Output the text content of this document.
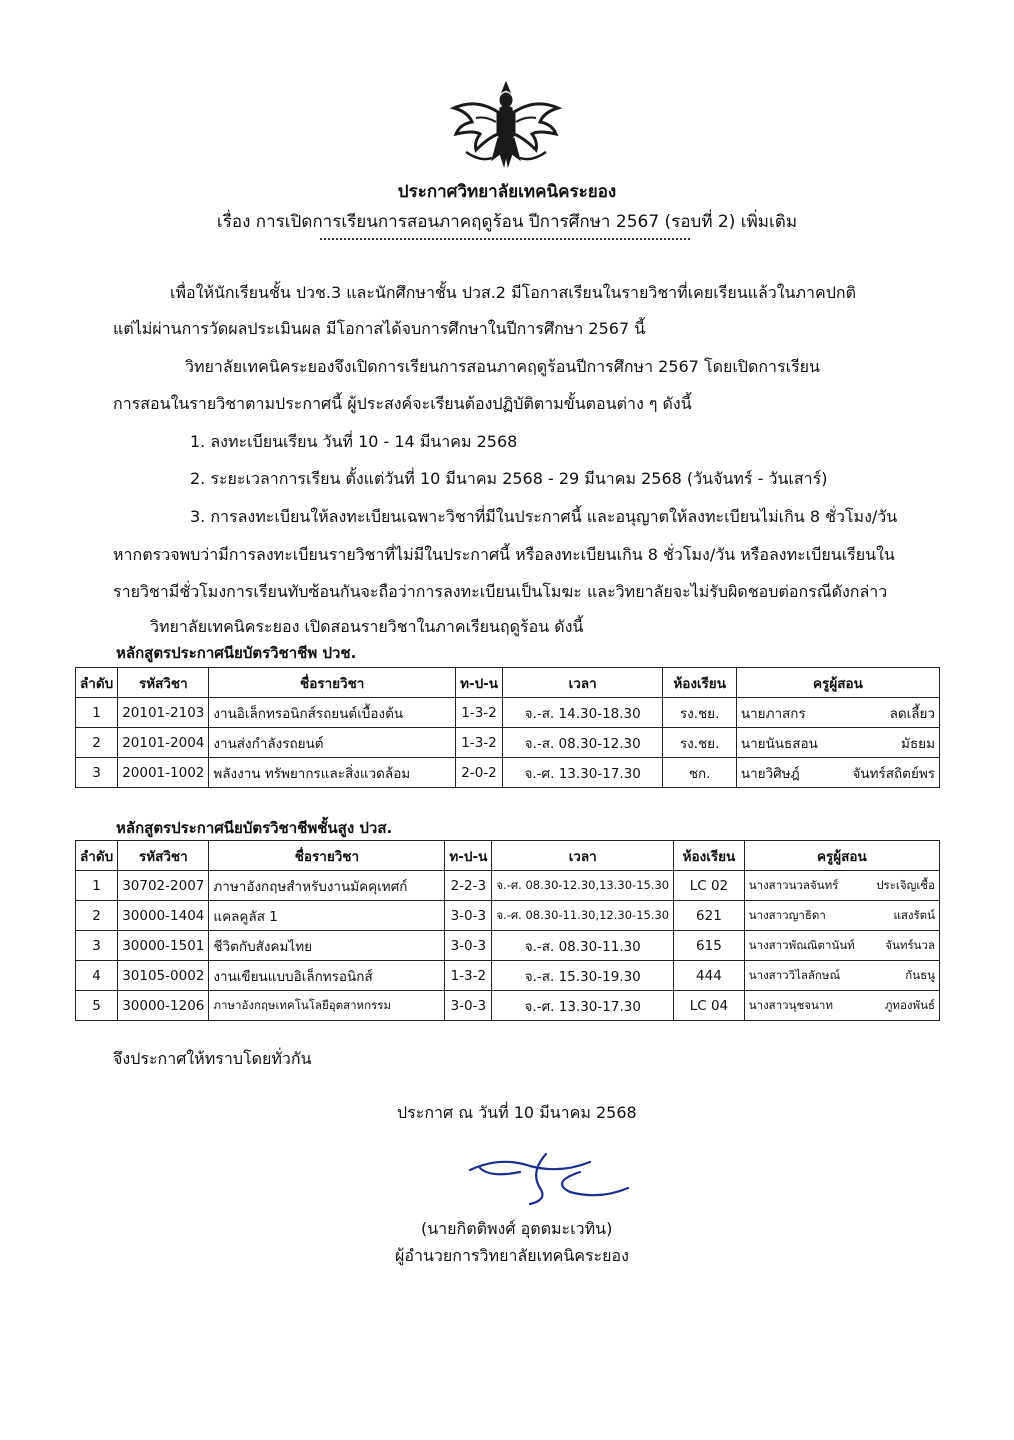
ประกาศวิทยาลัยเทคนิคระยอง
เรื่อง การเปิดการเรียนการสอนภาคฤดูร้อน ปีการศึกษา 2567 (รอบที่ 2) เพิ่มเติม
เพื่อให้นักเรียนชั้น ปวช.3 และนักศึกษาชั้น ปวส.2 มีโอกาสเรียนในรายวิชาที่เคยเรียนแล้วในภาคปกติ
แต่ไม่ผ่านการวัดผลประเมินผล มีโอกาสได้จบการศึกษาในปีการศึกษา 2567 นี้
วิทยาลัยเทคนิคระยองจึงเปิดการเรียนการสอนภาคฤดูร้อนปีการศึกษา 2567 โดยเปิดการเรียน
การสอนในรายวิชาตามประกาศนี้ ผู้ประสงค์จะเรียนต้องปฏิบัติตามขั้นตอนต่าง ๆ ดังนี้
1. ลงทะเบียนเรียน วันที่ 10 - 14 มีนาคม 2568
2. ระยะเวลาการเรียน ตั้งแต่วันที่ 10 มีนาคม 2568 - 29 มีนาคม 2568 (วันจันทร์ - วันเสาร์)
3. การลงทะเบียนให้ลงทะเบียนเฉพาะวิชาที่มีในประกาศนี้ และอนุญาตให้ลงทะเบียนไม่เกิน 8 ชั่วโมง/วัน
หากตรวจพบว่ามีการลงทะเบียนรายวิชาที่ไม่มีในประกาศนี้ หรือลงทะเบียนเกิน 8 ชั่วโมง/วัน หรือลงทะเบียนเรียนใน
รายวิชามีชั่วโมงการเรียนทับซ้อนกันจะถือว่าการลงทะเบียนเป็นโมฆะ และวิทยาลัยจะไม่รับผิดชอบต่อกรณีดังกล่าว
วิทยาลัยเทคนิคระยอง เปิดสอนรายวิชาในภาคเรียนฤดูร้อน ดังนี้
หลักสูตรประกาศนียบัตรวิชาชีพ ปวช.
ลำดับ	รหัสวิชา	ชื่อรายวิชา	ท-ป-น	เวลา	ห้องเรียน	ครูผู้สอน
1	20101-2103	งานอิเล็กทรอนิกส์รถยนต์เบื้องต้น	1-3-2	จ.-ส. 14.30-18.30	รง.ชย.	นายภาสกร ลดเลี้ยว

2	20101-2004	งานส่งกำลังรถยนต์	1-3-2	จ.-ส. 08.30-12.30	รง.ชย.	นายนันธสอน มัธยม

3	20001-1002	พลังงาน ทรัพยากรและสิ่งแวดล้อม	2-0-2	จ.-ศ. 13.30-17.30	ชก.	นายวิศิษฎ์ จันทร์สถิตย์พร
หลักสูตรประกาศนียบัตรวิชาชีพชั้นสูง ปวส.
ลำดับ	รหัสวิชา	ชื่อรายวิชา	ท-ป-น	เวลา	ห้องเรียน	ครูผู้สอน
1	30702-2007	ภาษาอังกฤษสำหรับงานมัคคุเทศก์	2-2-3	จ.-ศ. 08.30-12.30,13.30-15.30	LC 02	นางสาวนวลจันทร์ ประเจิญเชื้อ

2	30000-1404	แคลคูลัส 1	3-0-3	จ.-ศ. 08.30-11.30,12.30-15.30	621	นางสาวญาธิดา แสงรัตน์

3	30000-1501	ชีวิตกับสังคมไทย	3-0-3	จ.-ส. 08.30-11.30	615	นางสาวพัณณิตานันท์ จันทร์นวล

4	30105-0002	งานเขียนแบบอิเล็กทรอนิกส์	1-3-2	จ.-ส. 15.30-19.30	444	นางสาววิไลลักษณ์ กันธนู

5	30000-1206	ภาษาอังกฤษเทคโนโลยีอุตสาหกรรม	3-0-3	จ.-ศ. 13.30-17.30	LC 04	นางสาวนุชจนาท ภูทองพันธ์
จึงประกาศให้ทราบโดยทั่วกัน
ประกาศ ณ วันที่ 10 มีนาคม 2568
(นายกิตติพงศ์ อุตตมะเวทิน)
ผู้อำนวยการวิทยาลัยเทคนิคระยอง
